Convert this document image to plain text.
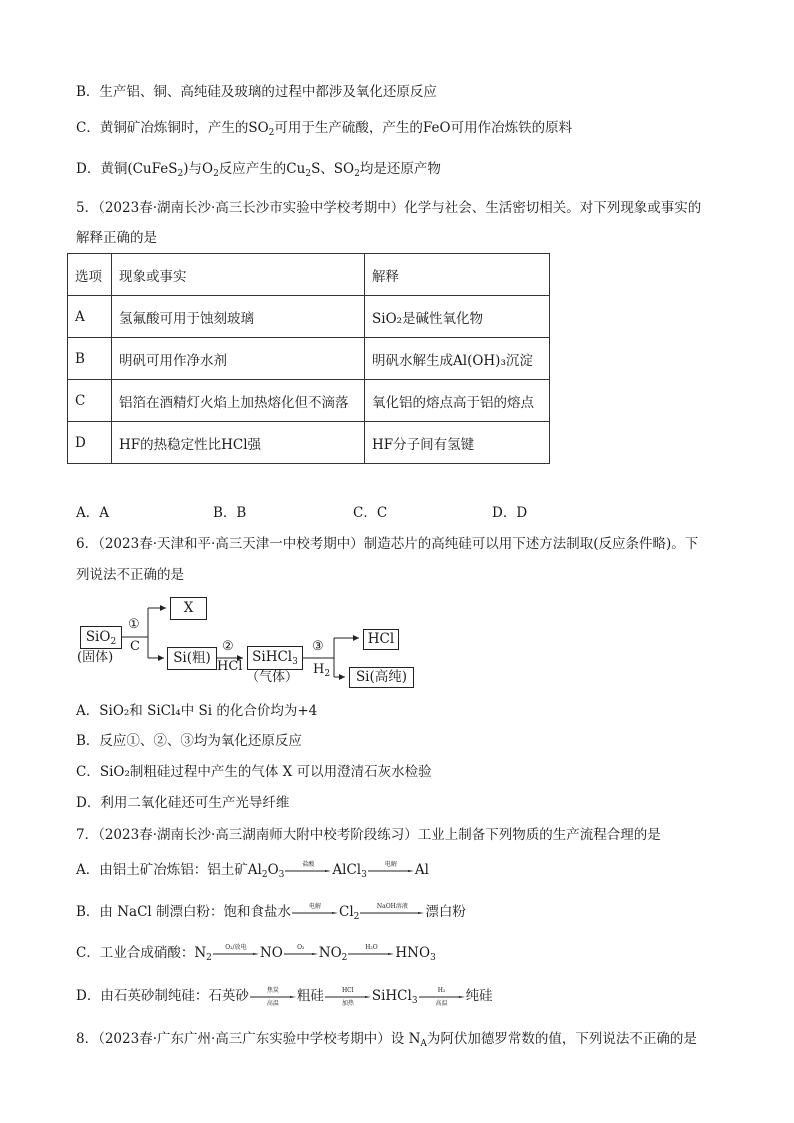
B．生产铝、铜、高纯硅及玻璃的过程中都涉及氧化还原反应
C．黄铜矿冶炼铜时，产生的$SO_2$可用于生产硫酸，产生的FeO可用作冶炼铁的原料
D．黄铜(CuFeS$_2$)与$O_2$反应产生的$Cu_2S$、$SO_2$均是还原产物
5．（2023春·湖南长沙·高三长沙市实验中学校考期中）化学与社会、生活密切相关。对下列现象或事实的
解释正确的是
选项	现象或事实	解释
A	氢氟酸可用于蚀刻玻璃	SiO₂是碱性氧化物
B	明矾可用作净水剂	明矾水解生成Al(OH)₃沉淀
C	铝箔在酒精灯火焰上加热熔化但不滴落	氧化铝的熔点高于铝的熔点
D	HF的热稳定性比HCl强	HF分子间有氢键
A．A	B．B	C．C	D．D
6．（2023春·天津和平·高三天津一中校考期中）制造芯片的高纯硅可以用下述方法制取(反应条件略)。下
列说法不正确的是
SiO$_2$
(固体)
①
C
X
Si(粗)
②
HCl
SiHCl$_3$
（气体）
③
$H_2$
HCl
Si(高纯)
A．SiO₂和 SiCl₄中 Si 的化合价均为+4
B．反应①、②、③均为氧化还原反应
C．SiO₂制粗硅过程中产生的气体 X 可以用澄清石灰水检验
D．利用二氧化硅还可生产光导纤维
7．（2023春·湖南长沙·高三湖南师大附中校考阶段练习）工业上制备下列物质的生产流程合理的是
A．由铝土矿冶炼铝：铝土矿$Al_2O_3$
盐酸	AlCl$_3$
电解	Al
B．由 NaCl 制漂白粉：饱和食盐水	电解	$Cl_2$
NaOH溶液	漂白粉
C．工业合成硝酸：$N_2$
O₂/放电 NO	O₂	$NO_2$
H₂O	$HNO_3$
D．由石英砂制纯硅：石英砂	焦炭
高温	粗硅	HCl
加热	SiHCl$_3$
H₂
高温	纯硅
8．（2023春·广东广州·高三广东实验中学校考期中）设 $N_A$为阿伏加德罗常数的值，下列说法不正确的是
